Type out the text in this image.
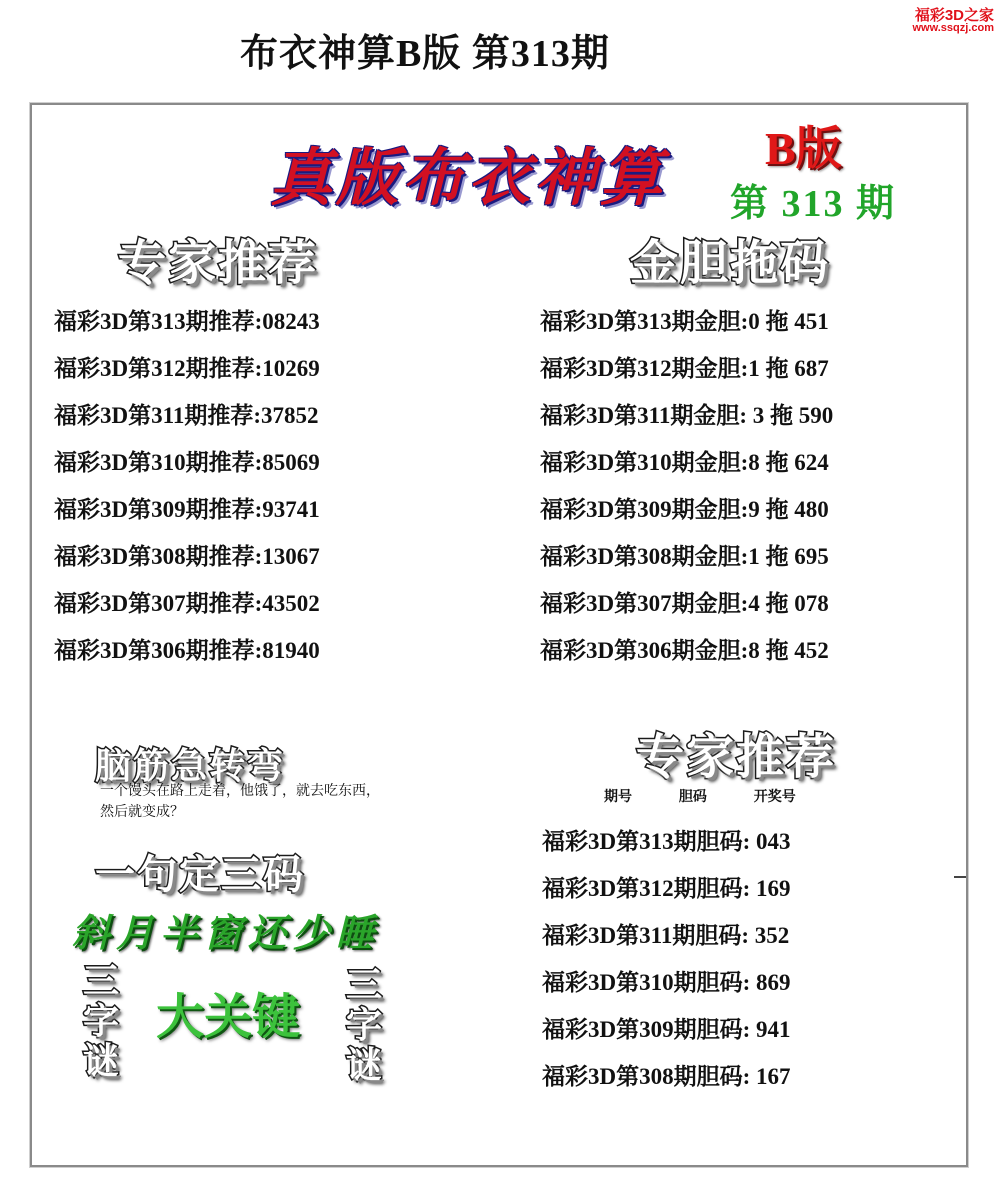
布衣神算B版 第313期
福彩3D之家
www.ssqzj.com
真版布衣神算 B版
第 313 期
专家推荐	金胆拖码
福彩3D第313期推荐:08243
福彩3D第312期推荐:10269
福彩3D第311期推荐:37852
福彩3D第310期推荐:85069
福彩3D第309期推荐:93741
福彩3D第308期推荐:13067
福彩3D第307期推荐:43502
福彩3D第306期推荐:81940
福彩3D第313期金胆:0 拖 451
福彩3D第312期金胆:1 拖 687
福彩3D第311期金胆: 3 拖 590
福彩3D第310期金胆:8 拖 624
福彩3D第309期金胆:9 拖 480
福彩3D第308期金胆:1 拖 695
福彩3D第307期金胆:4 拖 078
福彩3D第306期金胆:8 拖 452
脑筋急转弯
一个馒头在路上走着，他饿了，就去吃东西，然后就变成？
专家推荐
期号	胆码	开奖号
福彩3D第313期胆码: 043
福彩3D第312期胆码: 169
福彩3D第311期胆码: 352
福彩3D第310期胆码: 869
福彩3D第309期胆码: 941
福彩3D第308期胆码: 167
一句定三码
斜月半窗还少睡
三
字
谜
大关键
三
字
谜
